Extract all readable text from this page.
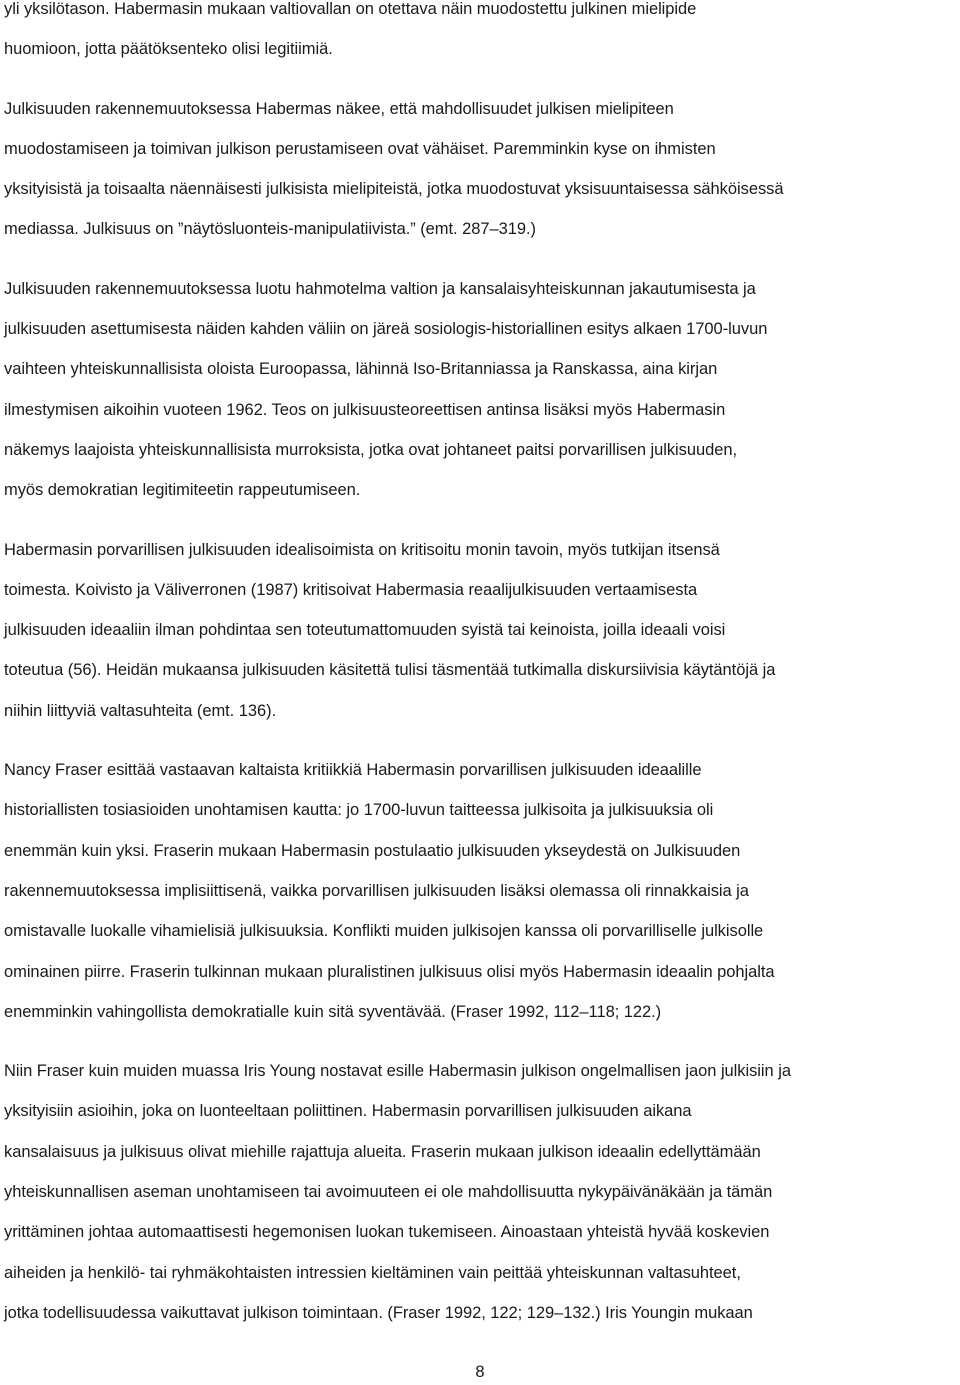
yli yksilötason. Habermasin mukaan valtiovallan on otettava näin muodostettu julkinen mielipide
huomioon, jotta päätöksenteko olisi legitiimiä.

Julkisuuden rakennemuutoksessa Habermas näkee, että mahdollisuudet julkisen mielipiteen
muodostamiseen ja toimivan julkison perustamiseen ovat vähäiset. Paremminkin kyse on ihmisten
yksityisistä ja toisaalta näennäisesti julkisista mielipiteistä, jotka muodostuvat yksisuuntaisessa sähköisessä
mediassa. Julkisuus on ”näytösluonteis-manipulatiivista.” (emt. 287‒319.)

Julkisuuden rakennemuutoksessa luotu hahmotelma valtion ja kansalaisyhteiskunnan jakautumisesta ja
julkisuuden asettumisesta näiden kahden väliin on järeä sosiologis-historiallinen esitys alkaen 1700-luvun
vaihteen yhteiskunnallisista oloista Euroopassa, lähinnä Iso-Britanniassa ja Ranskassa, aina kirjan
ilmestymisen aikoihin vuoteen 1962. Teos on julkisuusteoreettisen antinsa lisäksi myös Habermasin
näkemys laajoista yhteiskunnallisista murroksista, jotka ovat johtaneet paitsi porvarillisen julkisuuden,
myös demokratian legitimiteetin rappeutumiseen.

Habermasin porvarillisen julkisuuden idealisoimista on kritisoitu monin tavoin, myös tutkijan itsensä
toimesta. Koivisto ja Väliverronen (1987) kritisoivat Habermasia reaalijulkisuuden vertaamisesta
julkisuuden ideaaliin ilman pohdintaa sen toteutumattomuuden syistä tai keinoista, joilla ideaali voisi
toteutua (56). Heidän mukaansa julkisuuden käsitettä tulisi täsmentää tutkimalla diskursiivisia käytäntöjä ja
niihin liittyviä valtasuhteita (emt. 136).

Nancy Fraser esittää vastaavan kaltaista kritiikkiä Habermasin porvarillisen julkisuuden ideaalille
historiallisten tosiasioiden unohtamisen kautta: jo 1700-luvun taitteessa julkisoita ja julkisuuksia oli
enemmän kuin yksi. Fraserin mukaan Habermasin postulaatio julkisuuden ykseydestä on Julkisuuden
rakennemuutoksessa implisiittisenä, vaikka porvarillisen julkisuuden lisäksi olemassa oli rinnakkaisia ja
omistavalle luokalle vihamielisiä julkisuuksia. Konflikti muiden julkisojen kanssa oli porvarilliselle julkisolle
ominainen piirre. Fraserin tulkinnan mukaan pluralistinen julkisuus olisi myös Habermasin ideaalin pohjalta
enemminkin vahingollista demokratialle kuin sitä syventävää. (Fraser 1992, 112‒118; 122.)

Niin Fraser kuin muiden muassa Iris Young nostavat esille Habermasin julkison ongelmallisen jaon julkisiin ja
yksityisiin asioihin, joka on luonteeltaan poliittinen. Habermasin porvarillisen julkisuuden aikana
kansalaisuus ja julkisuus olivat miehille rajattuja alueita. Fraserin mukaan julkison ideaalin edellyttämään
yhteiskunnallisen aseman unohtamiseen tai avoimuuteen ei ole mahdollisuutta nykypäivänäkään ja tämän
yrittäminen johtaa automaattisesti hegemonisen luokan tukemiseen. Ainoastaan yhteistä hyvää koskevien
aiheiden ja henkilö- tai ryhmäkohtaisten intressien kieltäminen vain peittää yhteiskunnan valtasuhteet,
jotka todellisuudessa vaikuttavat julkison toimintaan. (Fraser 1992, 122; 129‒132.) Iris Youngin mukaan

8
